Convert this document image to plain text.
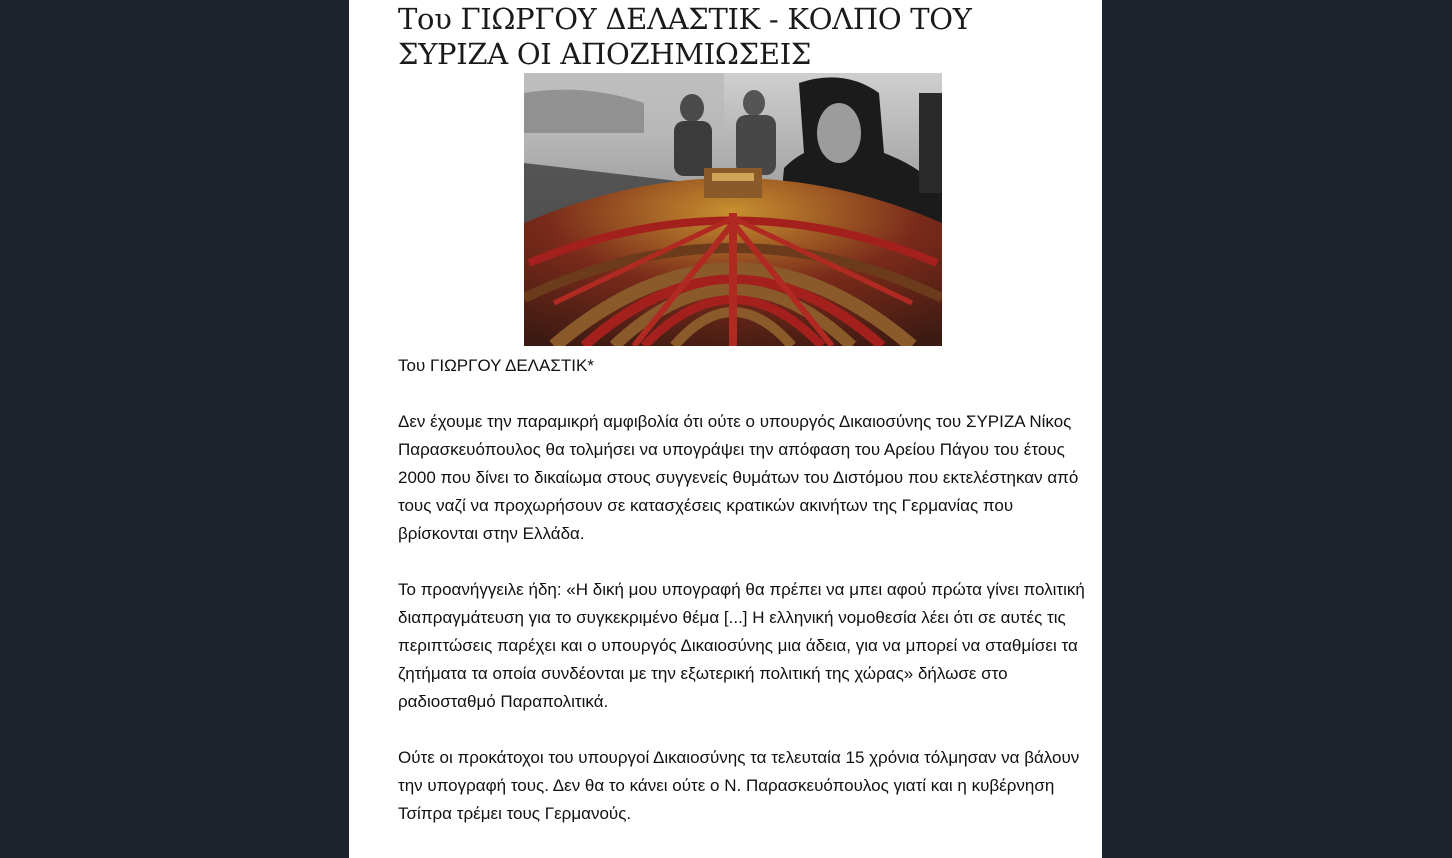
Του ΓΙΩΡΓΟΥ ΔΕΛΑΣΤΙΚ - ΚΟΛΠΟ ΤΟΥ ΣΥΡΙΖΑ ΟΙ ΑΠΟΖΗΜΙΩΣΕΙΣ

Του ΓΙΩΡΓΟΥ ΔΕΛΑΣΤΙΚ*

Δεν έχουμε την παραμικρή αμφιβολία ότι ούτε ο υπουργός Δικαιοσύνης του ΣΥΡΙΖΑ Νίκος Παρασκευόπουλος θα τολμήσει να υπογράψει την απόφαση του Αρείου Πάγου του έτους 2000 που δίνει το δικαίωμα στους συγγενείς θυμάτων του Διστόμου που εκτελέστηκαν από τους ναζί να προχωρήσουν σε κατασχέσεις κρατικών ακινήτων της Γερμανίας που βρίσκονται στην Ελλάδα.

Το προανήγγειλε ήδη: «Η δική μου υπογραφή θα πρέπει να μπει αφού πρώτα γίνει πολιτική διαπραγμάτευση για το συγκεκριμένο θέμα [...] Η ελληνική νομοθεσία λέει ότι σε αυτές τις περιπτώσεις παρέχει και ο υπουργός Δικαιοσύνης μια άδεια, για να μπορεί να σταθμίσει τα ζητήματα τα οποία συνδέονται με την εξωτερική πολιτική της χώρας» δήλωσε στο ραδιοσταθμό Παραπολιτικά.

Ούτε οι προκάτοχοι του υπουργοί Δικαιοσύνης τα τελευταία 15 χρόνια τόλμησαν να βάλουν την υπογραφή τους. Δεν θα το κάνει ούτε ο Ν. Παρασκευόπουλος γιατί και η κυβέρνηση Τσίπρα τρέμει τους Γερμανούς.
